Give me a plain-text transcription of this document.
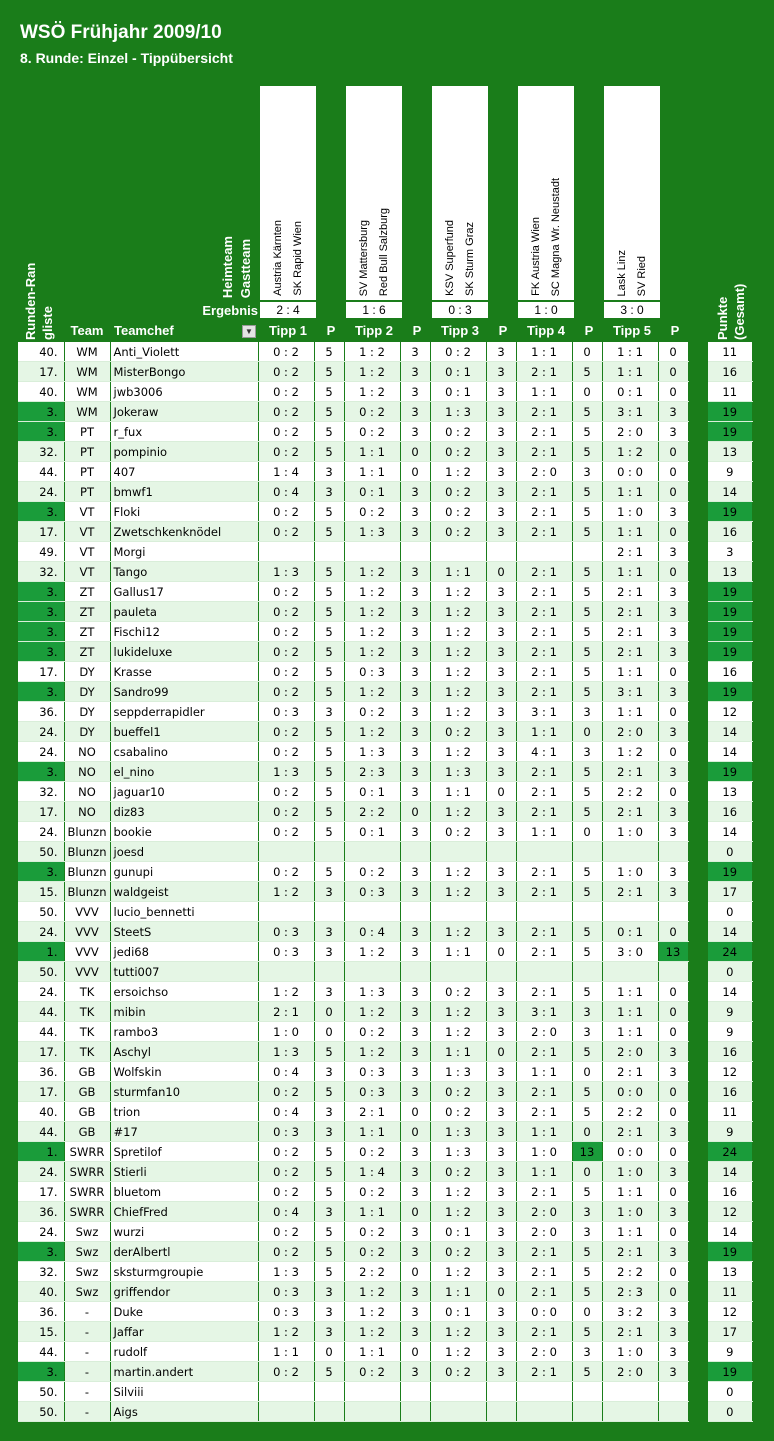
WSÖ Frühjahr 2009/10
8. Runde: Einzel - Tippübersicht
Runden-Rangliste
Heimteam Gastteam
Ergebnis
Austria Kärnten SK Rapid Wien	SV Mattersburg Red Bull Salzburg	KSV Superfund SK Sturm Graz	FK Austria Wien SC Magna Wr. Neustadt	Lask Linz SV Ried
2 : 4	1 : 6	0 : 3	1 : 0	3 : 0	Punkte (Gesamt)
Team Teamchef	▼	Tipp 1	P	Tipp 2	P	Tipp 3	P	Tipp 4	P	Tipp 5	P
40.	WM	Anti_Violett	0 : 2	5	1 : 2	3	0 : 2	3	1 : 1	0	1 : 1	0		11
17.	WM	MisterBongo	0 : 2	5	1 : 2	3	0 : 1	3	2 : 1	5	1 : 1	0		16
40.	WM	jwb3006	0 : 2	5	1 : 2	3	0 : 1	3	1 : 1	0	0 : 1	0		11
3.	WM	Jokeraw	0 : 2	5	0 : 2	3	1 : 3	3	2 : 1	5	3 : 1	3		19
3.	PT	r_fux	0 : 2	5	0 : 2	3	0 : 2	3	2 : 1	5	2 : 0	3		19
32.	PT	pompinio	0 : 2	5	1 : 1	0	0 : 2	3	2 : 1	5	1 : 2	0		13
44.	PT	407	1 : 4	3	1 : 1	0	1 : 2	3	2 : 0	3	0 : 0	0		9
24.	PT	bmwf1	0 : 4	3	0 : 1	3	0 : 2	3	2 : 1	5	1 : 1	0		14
3.	VT	Floki	0 : 2	5	0 : 2	3	0 : 2	3	2 : 1	5	1 : 0	3		19
17.	VT	Zwetschkenknödel	0 : 2	5	1 : 3	3	0 : 2	3	2 : 1	5	1 : 1	0		16
49.	VT	Morgi									2 : 1	3		3
32.	VT	Tango	1 : 3	5	1 : 2	3	1 : 1	0	2 : 1	5	1 : 1	0		13
3.	ZT	Gallus17	0 : 2	5	1 : 2	3	1 : 2	3	2 : 1	5	2 : 1	3		19
3.	ZT	pauleta	0 : 2	5	1 : 2	3	1 : 2	3	2 : 1	5	2 : 1	3		19
3.	ZT	Fischi12	0 : 2	5	1 : 2	3	1 : 2	3	2 : 1	5	2 : 1	3		19
3.	ZT	lukideluxe	0 : 2	5	1 : 2	3	1 : 2	3	2 : 1	5	2 : 1	3		19
17.	DY	Krasse	0 : 2	5	0 : 3	3	1 : 2	3	2 : 1	5	1 : 1	0		16
3.	DY	Sandro99	0 : 2	5	1 : 2	3	1 : 2	3	2 : 1	5	3 : 1	3		19
36.	DY	seppderrapidler	0 : 3	3	0 : 2	3	1 : 2	3	3 : 1	3	1 : 1	0		12
24.	DY	bueffel1	0 : 2	5	1 : 2	3	0 : 2	3	1 : 1	0	2 : 0	3		14
24.	NO	csabalino	0 : 2	5	1 : 3	3	1 : 2	3	4 : 1	3	1 : 2	0		14
3.	NO	el_nino	1 : 3	5	2 : 3	3	1 : 3	3	2 : 1	5	2 : 1	3		19
32.	NO	jaguar10	0 : 2	5	0 : 1	3	1 : 1	0	2 : 1	5	2 : 2	0		13
17.	NO	diz83	0 : 2	5	2 : 2	0	1 : 2	3	2 : 1	5	2 : 1	3		16
24.	Blunzn	bookie	0 : 2	5	0 : 1	3	0 : 2	3	1 : 1	0	1 : 0	3		14
50.	Blunzn	joesd												0
3.	Blunzn	gunupi	0 : 2	5	0 : 2	3	1 : 2	3	2 : 1	5	1 : 0	3		19
15.	Blunzn	waldgeist	1 : 2	3	0 : 3	3	1 : 2	3	2 : 1	5	2 : 1	3		17
50.	VVV	lucio_bennetti												0
24.	VVV	SteetS	0 : 3	3	0 : 4	3	1 : 2	3	2 : 1	5	0 : 1	0		14
1.	VVV	jedi68	0 : 3	3	1 : 2	3	1 : 1	0	2 : 1	5	3 : 0	13		24
50.	VVV	tutti007												0
24.	TK	ersoichso	1 : 2	3	1 : 3	3	0 : 2	3	2 : 1	5	1 : 1	0		14
44.	TK	mibin	2 : 1	0	1 : 2	3	1 : 2	3	3 : 1	3	1 : 1	0		9
44.	TK	rambo3	1 : 0	0	0 : 2	3	1 : 2	3	2 : 0	3	1 : 1	0		9
17.	TK	Aschyl	1 : 3	5	1 : 2	3	1 : 1	0	2 : 1	5	2 : 0	3		16
36.	GB	Wolfskin	0 : 4	3	0 : 3	3	1 : 3	3	1 : 1	0	2 : 1	3		12
17.	GB	sturmfan10	0 : 2	5	0 : 3	3	0 : 2	3	2 : 1	5	0 : 0	0		16
40.	GB	trion	0 : 4	3	2 : 1	0	0 : 2	3	2 : 1	5	2 : 2	0		11
44.	GB	#17	0 : 3	3	1 : 1	0	1 : 3	3	1 : 1	0	2 : 1	3		9
1.	SWRR	Spretilof	0 : 2	5	0 : 2	3	1 : 3	3	1 : 0	13	0 : 0	0		24
24.	SWRR	Stierli	0 : 2	5	1 : 4	3	0 : 2	3	1 : 1	0	1 : 0	3		14
17.	SWRR	bluetom	0 : 2	5	0 : 2	3	1 : 2	3	2 : 1	5	1 : 1	0		16
36.	SWRR	ChiefFred	0 : 4	3	1 : 1	0	1 : 2	3	2 : 0	3	1 : 0	3		12
24.	Swz	wurzi	0 : 2	5	0 : 2	3	0 : 1	3	2 : 0	3	1 : 1	0		14
3.	Swz	derAlbertl	0 : 2	5	0 : 2	3	0 : 2	3	2 : 1	5	2 : 1	3		19
32.	Swz	sksturmgroupie	1 : 3	5	2 : 2	0	1 : 2	3	2 : 1	5	2 : 2	0		13
40.	Swz	griffendor	0 : 3	3	1 : 2	3	1 : 1	0	2 : 1	5	2 : 3	0		11
36.	-	Duke	0 : 3	3	1 : 2	3	0 : 1	3	0 : 0	0	3 : 2	3		12
15.	-	Jaffar	1 : 2	3	1 : 2	3	1 : 2	3	2 : 1	5	2 : 1	3		17
44.	-	rudolf	1 : 1	0	1 : 1	0	1 : 2	3	2 : 0	3	1 : 0	3		9
3.	-	martin.andert	0 : 2	5	0 : 2	3	0 : 2	3	2 : 1	5	2 : 0	3		19
50.	-	Silviii												0
50.	-	Aigs												0
